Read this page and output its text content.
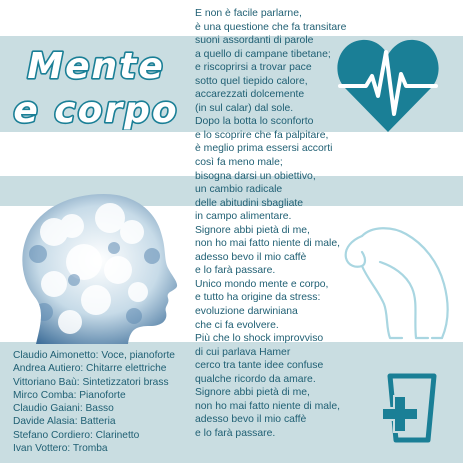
Mente
e corpo
E non è facile parlarne,
è una questione che fa transitare
suoni assordanti di parole
a quello di campane tibetane;
e riscoprirsi a trovar pace
sotto quel tiepido calore,
accarezzati dolcemente
(in sul calar) dal sole.
Dopo la botta lo sconforto
e lo scoprire che fa palpitare,
è meglio prima essersi accorti
così fa meno male;
bisogna darsi un obiettivo,
un cambio radicale
delle abitudini sbagliate
in campo alimentare.
Signore abbi pietà di me,
non ho mai fatto niente di male,
adesso bevo il mio caffè
e lo farà passare.
Unico mondo mente e corpo,
e tutto ha origine da stress:
evoluzione darwiniana
che ci fa evolvere.
Più che lo shock improvviso
di cui parlava Hamer
cerco tra tante idee confuse
qualche ricordo da amare.
Signore abbi pietà di me,
non ho mai fatto niente di male,
adesso bevo il mio caffè
e lo farà passare.
Claudio Aimonetto: Voce, pianoforte
Andrea Autiero: Chitarre elettriche
Vittoriano Baù: Sintetizzatori brass
Mirco Comba: Pianoforte
Claudio Gaiani: Basso
Davide Alasia: Batteria
Stefano Cordiero: Clarinetto
Ivan Vottero: Tromba
